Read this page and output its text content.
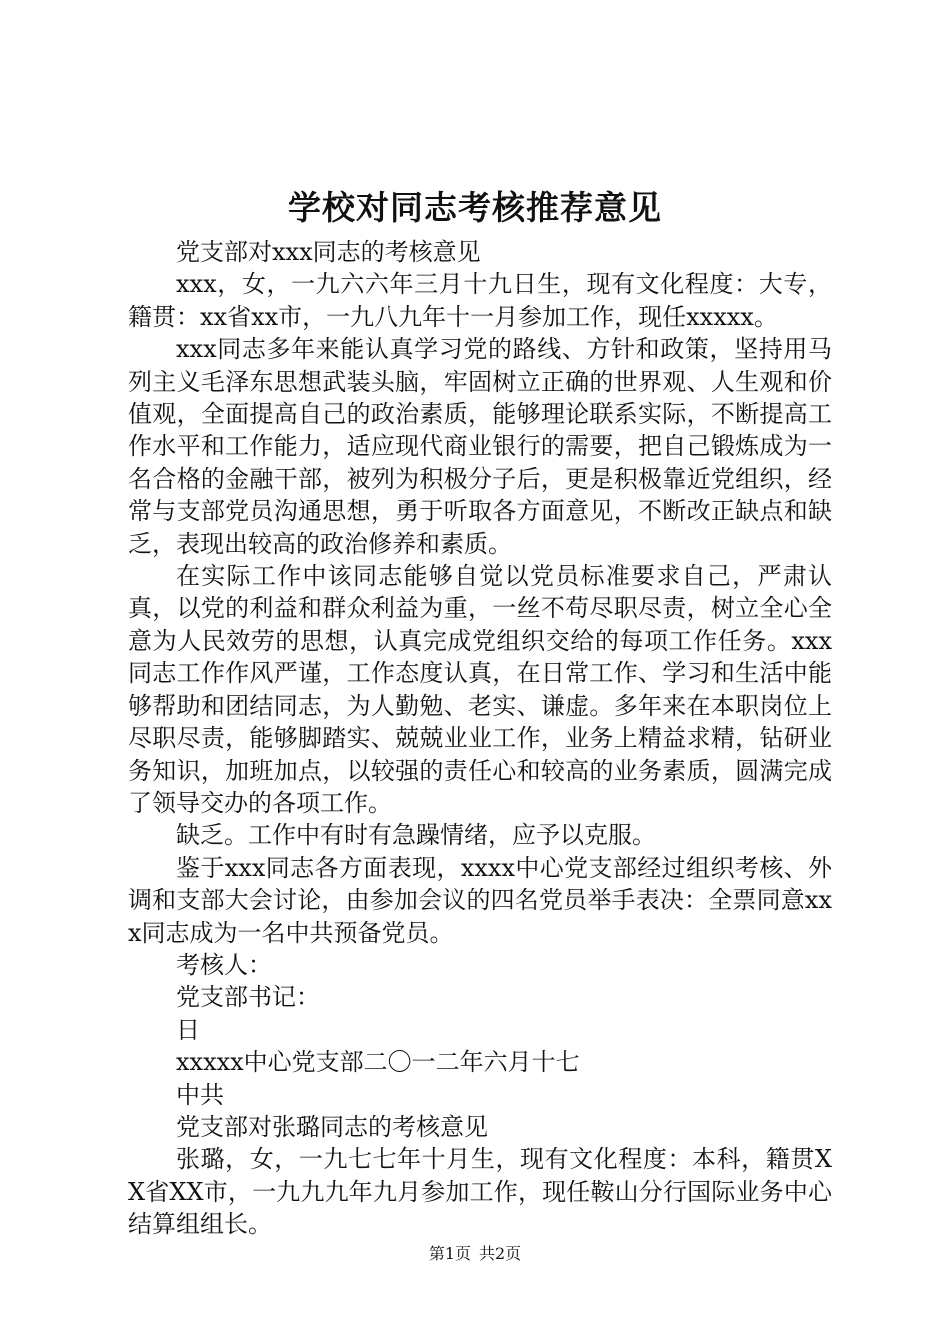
学校对同志考核推荐意见

党支部对xxx同志的考核意见

xxx，女，一九六六年三月十九日生，现有文化程度：大专，籍贯：xx省xx市，一九八九年十一月参加工作，现任xxxxx。

xxx同志多年来能认真学习党的路线、方针和政策，坚持用马列主义毛泽东思想武装头脑，牢固树立正确的世界观、人生观和价值观，全面提高自己的政治素质，能够理论联系实际，不断提高工作水平和工作能力，适应现代商业银行的需要，把自己锻炼成为一名合格的金融干部，被列为积极分子后，更是积极靠近党组织，经常与支部党员沟通思想，勇于听取各方面意见，不断改正缺点和缺乏，表现出较高的政治修养和素质。

在实际工作中该同志能够自觉以党员标准要求自己，严肃认真，以党的利益和群众利益为重，一丝不苟尽职尽责，树立全心全意为人民效劳的思想，认真完成党组织交给的每项工作任务。xxx同志工作作风严谨，工作态度认真，在日常工作、学习和生活中能够帮助和团结同志，为人勤勉、老实、谦虚。多年来在本职岗位上尽职尽责，能够脚踏实、兢兢业业工作，业务上精益求精，钻研业务知识，加班加点，以较强的责任心和较高的业务素质，圆满完成了领导交办的各项工作。

缺乏。工作中有时有急躁情绪，应予以克服。

鉴于xxx同志各方面表现，xxxx中心党支部经过组织考核、外调和支部大会讨论，由参加会议的四名党员举手表决：全票同意xxx同志成为一名中共预备党员。

考核人：

党支部书记：

日

xxxxx中心党支部二〇一二年六月十七

中共

党支部对张璐同志的考核意见

张璐，女，一九七七年十月生，现有文化程度：本科，籍贯XX省XX市，一九九九年九月参加工作，现任鞍山分行国际业务中心结算组组长。

第1页 共2页
